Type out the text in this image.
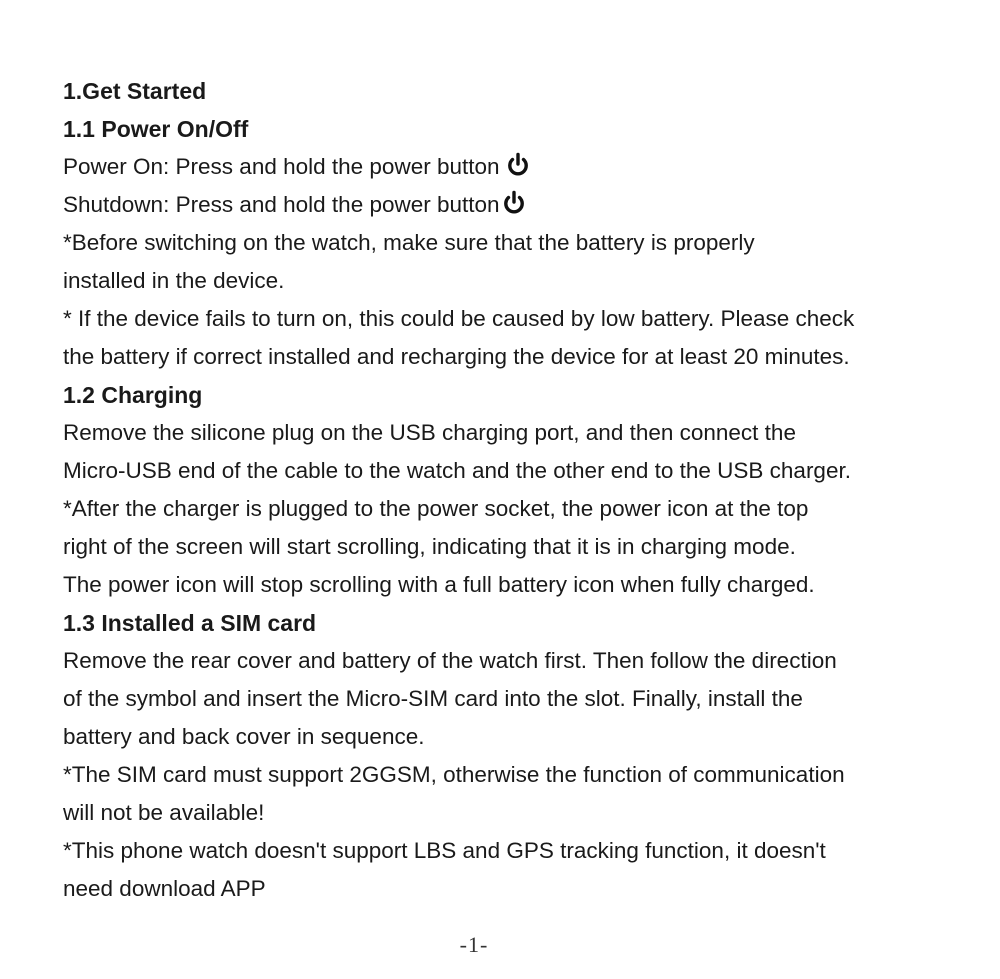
1.Get Started
1.1 Power On/Off
Power On: Press and hold the power button
Shutdown: Press and hold the power button
*Before switching on the watch, make sure that the battery is properly
installed in the device.
* If the device fails to turn on, this could be caused by low battery. Please check
the battery if correct installed and recharging the device for at least 20 minutes.
1.2 Charging
Remove the silicone plug on the USB charging port, and then connect the
Micro-USB end of the cable to the watch and the other end to the USB charger.
*After the charger is plugged to the power socket, the power icon at the top
right of the screen will start scrolling, indicating that it is in charging mode.
The power icon will stop scrolling with a full battery icon when fully charged.
1.3 Installed a SIM card
Remove the rear cover and battery of the watch first. Then follow the direction
of the symbol and insert the Micro-SIM card into the slot. Finally, install the
battery and back cover in sequence.
*The SIM card must support 2GGSM, otherwise the function of communication
will not be available!
*This phone watch doesn't support LBS and GPS tracking function, it doesn't
need download APP
-1-
